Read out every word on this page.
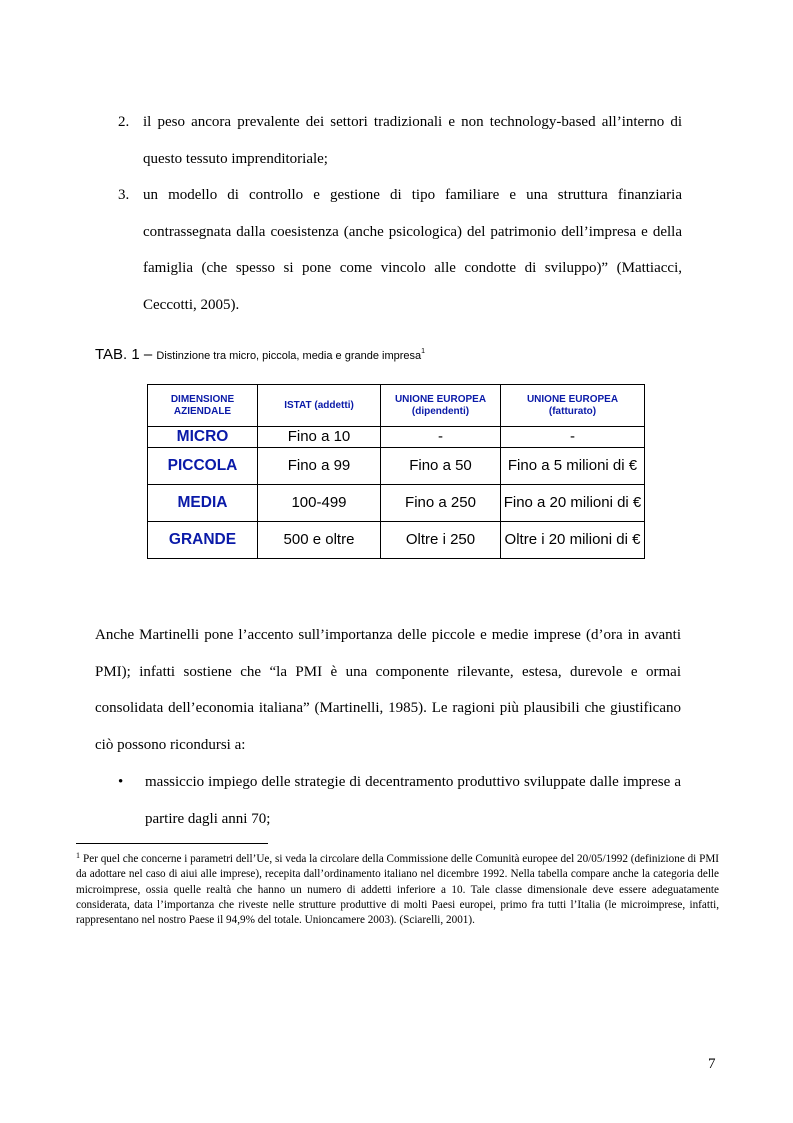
2. il peso ancora prevalente dei settori tradizionali e non technology-based all’interno di questo tessuto imprenditoriale;
3. un modello di controllo e gestione di tipo familiare e una struttura finanziaria contrassegnata dalla coesistenza (anche psicologica) del patrimonio dell’impresa e della famiglia (che spesso si pone come vincolo alle condotte di sviluppo)” (Mattiacci, Ceccotti, 2005).
TAB. 1 – Distinzione tra micro, piccola, media e grande impresa$^1$
DIMENSIONE AZIENDALE	ISTAT (addetti)	UNIONE EUROPEA (dipendenti)	UNIONE EUROPEA (fatturato)
MICRO	Fino a 10	-	-
PICCOLA	Fino a 99	Fino a 50	Fino a 5 milioni di €
MEDIA	100-499	Fino a 250	Fino a 20 milioni di €
GRANDE	500 e oltre	Oltre i 250	Oltre i 20 milioni di €

Anche Martinelli pone l’accento sull’importanza delle piccole e medie imprese (d’ora in avanti PMI); infatti sostiene che “la PMI è una componente rilevante, estesa, durevole e ormai consolidata dell’economia italiana” (Martinelli, 1985). Le ragioni più plausibili che giustificano ciò possono ricondursi a:

• massiccio impiego delle strategie di decentramento produttivo sviluppate dalle imprese a partire dagli anni 70;
$^1$ Per quel che concerne i parametri dell’Ue, si veda la circolare della Commissione delle Comunità europee del 20/05/1992 (definizione di PMI da adottare nel caso di aiui alle imprese), recepita dall’ordinamento italiano nel dicembre 1992. Nella tabella compare anche la categoria delle microimprese, ossia quelle realtà che hanno un numero di addetti inferiore a 10. Tale classe dimensionale deve essere adeguatamente considerata, data l’importanza che riveste nelle strutture produttive di molti Paesi europei, primo fra tutti l’Italia (le microimprese, infatti, rappresentano nel nostro Paese il 94,9% del totale. Unioncamere 2003). (Sciarelli, 2001).
7
